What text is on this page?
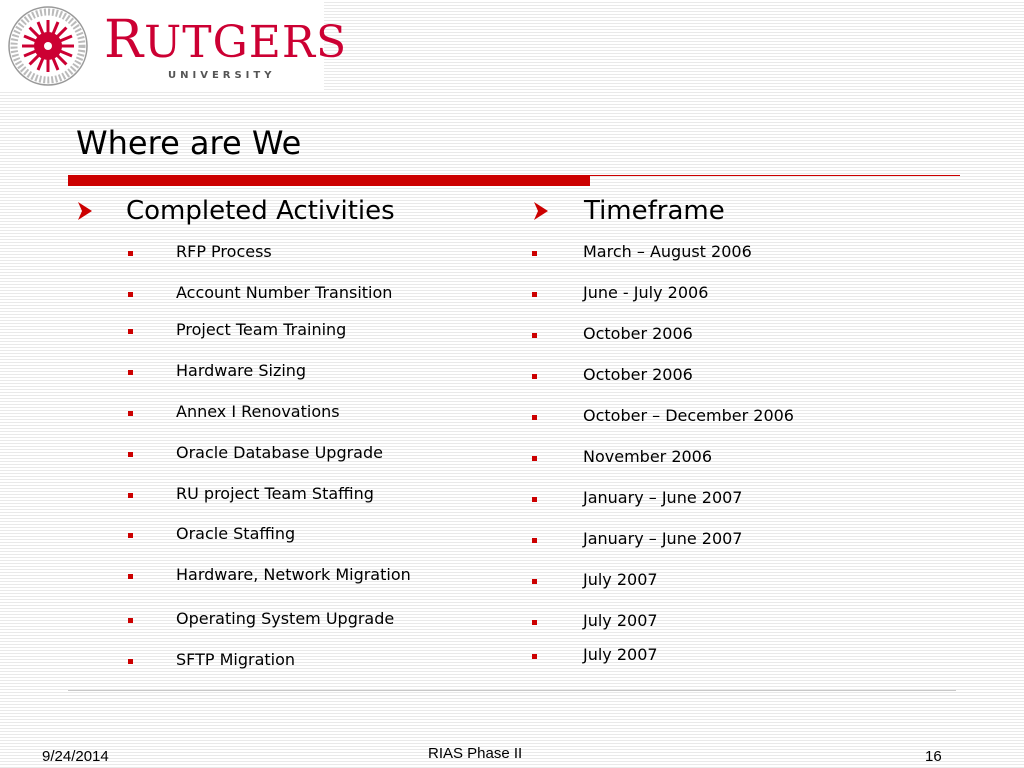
RUTGERS
UNIVERSITY
Where are We
Completed Activities
RFP Process
Account Number Transition
Project Team Training
Hardware Sizing
Annex I Renovations
Oracle Database Upgrade
RU project Team Staffing
Oracle Staffing
Hardware, Network Migration
Operating System Upgrade
SFTP Migration
Timeframe
March – August 2006
June - July 2006
October 2006
October 2006
October – December 2006
November 2006
January – June 2007
January – June 2007
July 2007
July 2007
July 2007
9/24/2014	RIAS Phase II	16
